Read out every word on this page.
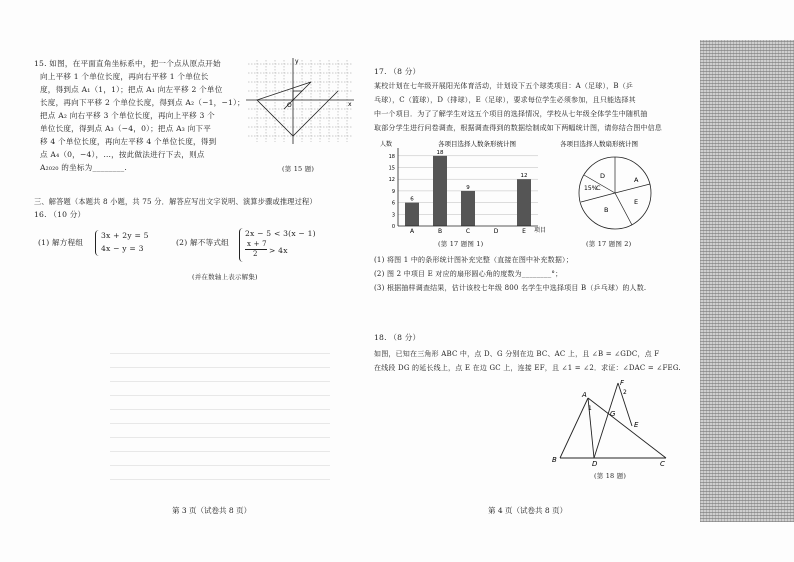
15. 如图，在平面直角坐标系中，把一个点从原点开始
向上平移 1 个单位长度，再向右平移 1 个单位长
度，得到点 A₁（1，1）；把点 A₁ 向左平移 2 个单位
长度，再向下平移 2 个单位长度，得到点 A₂（−1，−1）；
把点 A₂ 向右平移 3 个单位长度，再向上平移 3 个
单位长度，得到点 A₃（−4，0）；把点 A₃ 向下平
移 4 个单位长度，再向左平移 4 个单位长度，得到
点 A₄（0，−4），…，按此做法进行下去，则点
A₂₀₂₀ 的坐标为________.
y
x
O
(第 15 题)
三、解答题（本题共 8 小题，共 75 分．解答应写出文字说明、演算步骤或推理过程）
16. （10 分）
(1) 解方程组
3x + 2y = 5
4x − y = 3
(2) 解不等式组
2x − 5 < 3(x − 1)
x + 7
2 > 4x
(并在数轴上表示解集)
第 3 页（试卷共 8 页）
17. （8 分）
某校计划在七年级开展阳光体育活动，计划设下五个球类项目：A（足球），B（乒
乓球），C（篮球），D（排球），E（足球），要求每位学生必须参加，且只能选择其
中一个项目．为了了解学生对这五个项目的选择情况，学校从七年级全体学生中随机抽
取部分学生进行问卷调查，根据调查得到的数据绘制成如下两幅统计图，请你结合图中信息
各项目选择人数条形统计图
人数
项目
0
3
6
9
12
15
18
6
A
18
B
9
C	D
12
E
(第 17 题图 1)
各项目选择人数扇形统计图
D	A
E
B
15%
C
(第 17 题图 2)
(1) 将图 1 中的条形统计图补充完整（直接在图中补充数据）；
(2) 图 2 中项目 E 对应的扇形圆心角的度数为________°；
(3) 根据抽样调查结果，估计该校七年级 800 名学生中选择项目 B（乒乓球）的人数.
18. （8 分）
如图，已知在三角形 ABC 中，点 D、G 分别在边 BC、AC 上，且 ∠B = ∠GDC，点 F
在线段 DG 的延长线上，点 E 在边 GC 上，连接 EF，且 ∠1 = ∠2．求证：∠DAC = ∠FEG.
A
B	C
D
E
F
G
1
2
(第 18 题)
第 4 页（试卷共 8 页）
